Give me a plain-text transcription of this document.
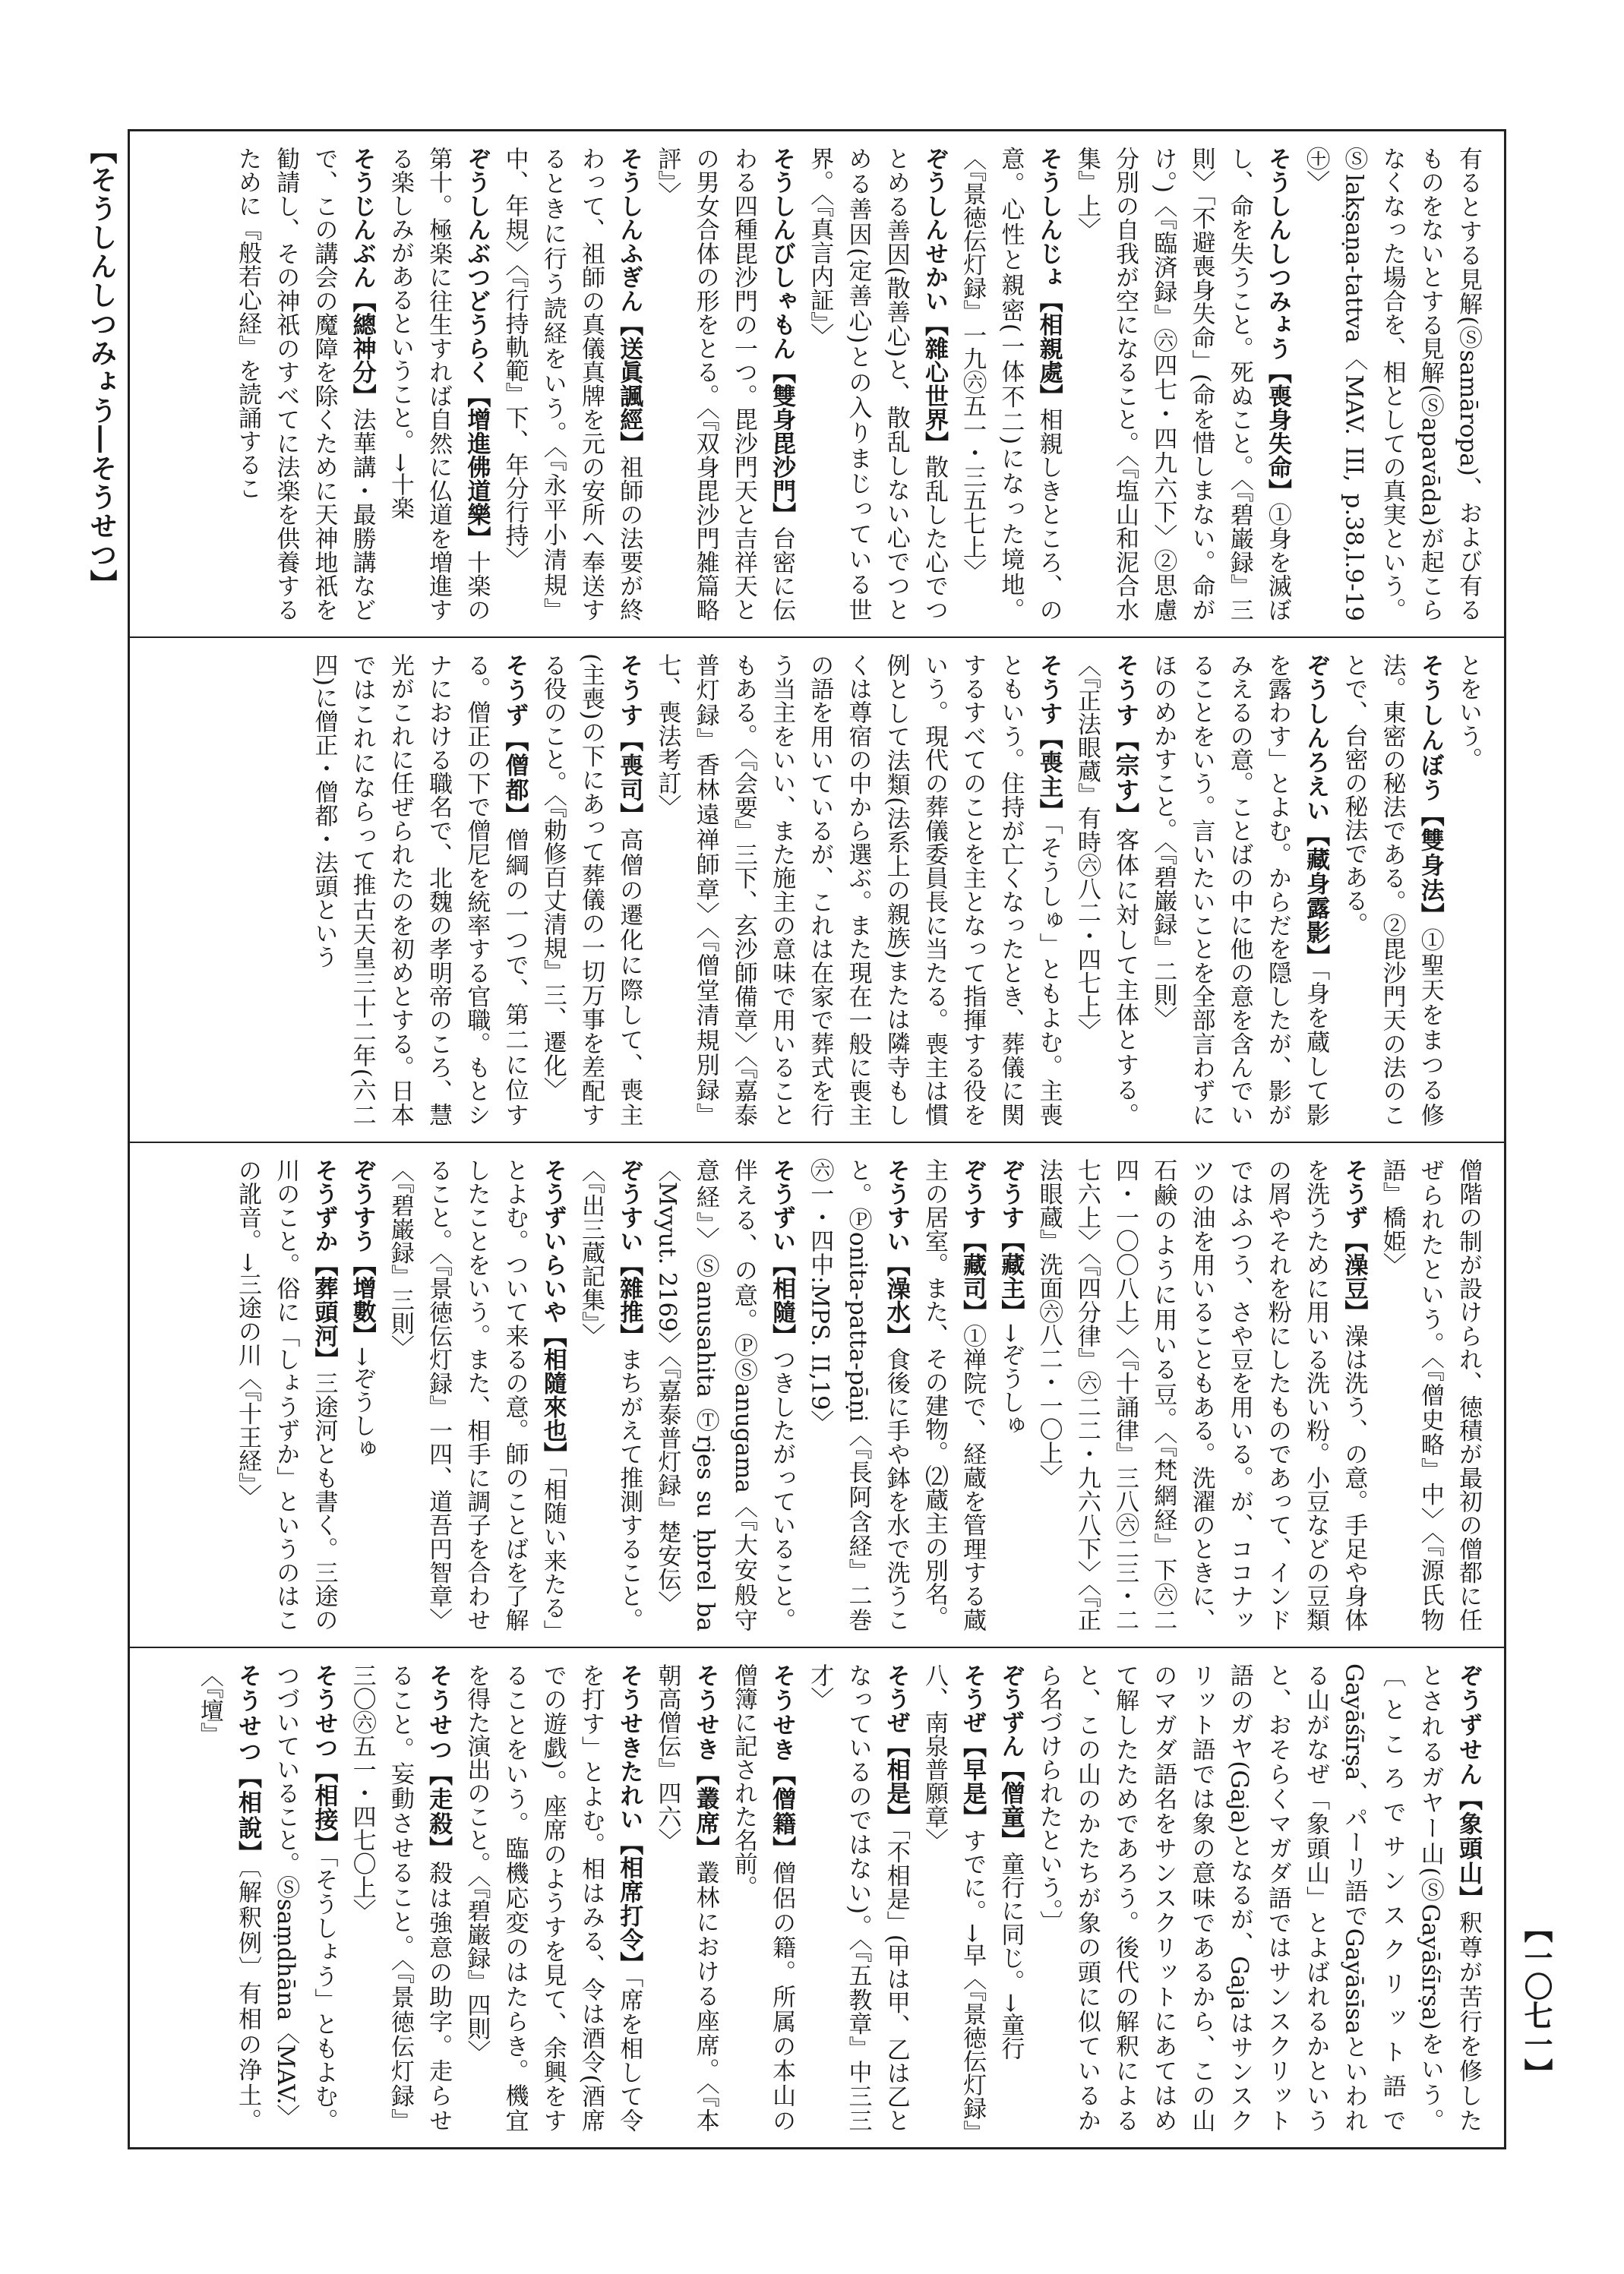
【そうしんしつみょう―そうせつ】
【一〇七一】

有るとする見解(Ⓢsamāropa)、および有るものをないとする見解(Ⓢapavāda)が起こらなくなった場合を、相としての真実という。Ⓢlakṣaṇa-tattva〈MAV. III, p.38,l.9-19㊉〉

そうしんしつみょう【喪身失命】①身を滅ぼし、命を失うこと。死ぬこと。〈『碧巌録』三則〉「不避喪身失命」(命を惜しまない。命がけ。)〈『臨済録』㊅四七・四九六下〉②思慮分別の自我が空になること。〈『塩山和泥合水集』上〉

そうしんじょ【相親處】相親しきところ、の意。心性と親密(一体不二)になった境地。〈『景徳伝灯録』一九㊅五一・三五七上〉

ぞうしんせかい【雜心世界】散乱した心でつとめる善因(散善心)と、散乱しない心でつとめる善因(定善心)との入りまじっている世界。〈『真言内証』〉

そうしんびしゃもん【雙身毘沙門】台密に伝わる四種毘沙門の一つ。毘沙門天と吉祥天との男女合体の形をとる。〈『双身毘沙門雑篇略評』〉

そうしんふぎん【送眞諷經】祖師の法要が終わって、祖師の真儀真牌を元の安所へ奉送するときに行う読経をいう。〈『永平小清規』中、年規〉〈『行持軌範』下、年分行持〉

ぞうしんぶつどうらく【增進佛道樂】十楽の第十。極楽に往生すれば自然に仏道を増進する楽しみがあるということ。→十楽

そうじんぶん【總神分】法華講・最勝講などで、この講会の魔障を除くために天神地祇を勧請し、その神祇のすべてに法楽を供養するために『般若心経』を読誦するこ

とをいう。

そうしんぼう【雙身法】①聖天をまつる修法。東密の秘法である。②毘沙門天の法のことで、台密の秘法である。

ぞうしんろえい【藏身露影】「身を蔵して影を露わす」とよむ。からだを隠したが、影がみえるの意。ことばの中に他の意を含んでいることをいう。言いたいことを全部言わずにほのめかすこと。〈『碧巌録』二則〉

そうす【宗す】客体に対して主体とする。〈『正法眼蔵』有時㊅八二・四七上〉

そうす【喪主】「そうしゅ」ともよむ。主喪ともいう。住持が亡くなったとき、葬儀に関するすべてのことを主となって指揮する役をいう。現代の葬儀委員長に当たる。喪主は慣例として法類(法系上の親族)または隣寺もしくは尊宿の中から選ぶ。また現在一般に喪主の語を用いているが、これは在家で葬式を行う当主をいい、また施主の意味で用いることもある。〈『会要』三下、玄沙師備章〉〈『嘉泰普灯録』香林遠禅師章〉〈『僧堂清規別録』七、喪法考訂〉

そうす【喪司】高僧の遷化に際して、喪主(主喪)の下にあって葬儀の一切万事を差配する役のこと。〈『勅修百丈清規』三、遷化〉

そうず【僧都】僧綱の一つで、第二に位する。僧正の下で僧尼を統率する官職。もとシナにおける職名で、北魏の孝明帝のころ、慧光がこれに任ぜられたのを初めとする。日本ではこれにならって推古天皇三十二年(六二四)に僧正・僧都・法頭という

僧階の制が設けられ、徳積が最初の僧都に任ぜられたという。〈『僧史略』中〉〈『源氏物語』橋姫〉

そうず【澡豆】澡は洗う、の意。手足や身体を洗うために用いる洗い粉。小豆などの豆類の屑やそれを粉にしたものであって、インドではふつう、さや豆を用いる。が、ココナッツの油を用いることもある。洗濯のときに、石鹸のように用いる豆。〈『梵網経』下㊅二四・一〇〇八上〉〈『十誦律』三八㊅二三・二七六上〉〈『四分律』㊅二二・九六八下〉〈『正法眼蔵』洗面㊅八二・一〇上〉

ぞうす【藏主】→ぞうしゅ

ぞうす【藏司】①禅院で、経蔵を管理する蔵主の居室。また、その建物。⑵蔵主の別名。

そうすい【澡水】食後に手や鉢を水で洗うこと。Ⓟonita-patta-pāṇi〈『長阿含経』二巻㊅一・四中:MPS. II,19〉

そうずい【相隨】つきしたがっていること。伴える、の意。ⓅⓈanugama〈『大安般守意経』〉Ⓢanusahita Ⓣrjes su ḥbrel ba〈Mvyut. 2169〉〈『嘉泰普灯録』楚安伝〉

ぞうすい【雜推】まちがえて推測すること。〈『出三蔵記集』〉

そうずいらいや【相隨來也】「相随い来たる」とよむ。ついて来るの意。師のことばを了解したことをいう。また、相手に調子を合わせること。〈『景徳伝灯録』一四、道吾円智章〉〈『碧巌録』三則〉

ぞうすう【增數】→ぞうしゅ

そうずか【葬頭河】三途河とも書く。三途の川のこと。俗に「しょうずか」というのはこの訛音。→三途の川〈『十王経』〉

ぞうずせん【象頭山】釈尊が苦行を修したとされるガヤー山(ⓈGayāśīrṣa)をいう。〔ところでサンスクリット語でGayāśīrṣa、パーリ語でGayāsīsaといわれる山がなぜ「象頭山」とよばれるかというと、おそらくマガダ語ではサンスクリット語のガヤ(Gaja)となるが、Gajaはサンスクリット語では象の意味であるから、この山のマガダ語名をサンスクリットにあてはめて解したためであろう。後代の解釈によると、この山のかたちが象の頭に似ているから名づけられたという。〕

ぞうずん【僧童】童行に同じ。→童行

そうぜ【早是】すでに。→早〈『景徳伝灯録』八、南泉普願章〉

そうぜ【相是】「不相是」(甲は甲、乙は乙となっているのではない)。〈『五教章』中三三才〉

そうせき【僧籍】僧侶の籍。所属の本山の僧簿に記された名前。

そうせき【叢席】叢林における座席。〈『本朝高僧伝』四六〉

そうせきたれい【相席打令】「席を相して令を打す」とよむ。相はみる、令は酒令(酒席での遊戯)。座席のようすを見て、余興をすることをいう。臨機応変のはたらき。機宜を得た演出のこと。〈『碧巌録』四則〉

そうせつ【走殺】殺は強意の助字。走らせること。妄動させること。〈『景徳伝灯録』三〇㊅五一・四七〇上〉

そうせつ【相接】「そうしょう」ともよむ。つづいていること。Ⓢsaṃdhāna〈MAV.〉

そうせつ【相說】〔解釈例〕有相の浄土。〈『壇』
